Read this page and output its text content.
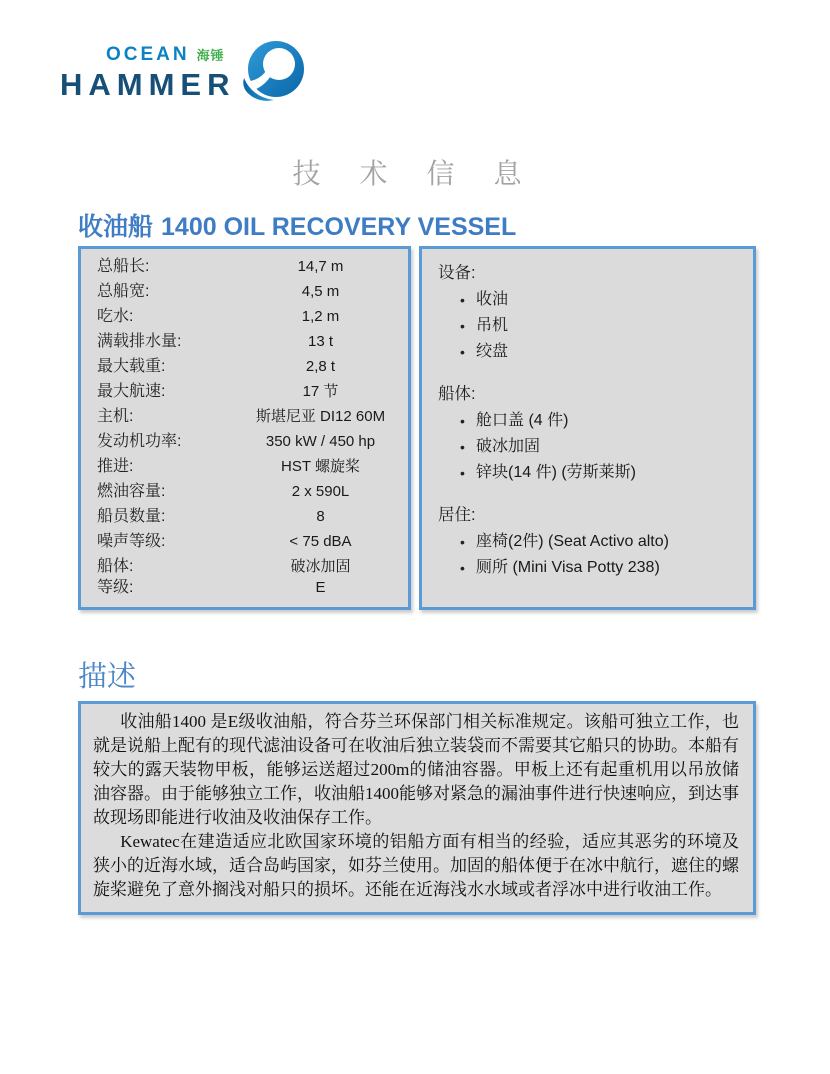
OCEAN 海锤
HAMMER
技 术 信 息
收油船 1400 OIL RECOVERY VESSEL
总船长:	14,7 m
总船宽:	4,5 m
吃水:	1,2 m
满载排水量:	13 t
最大载重:	2,8 t
最大航速:	17 节
主机:	斯堪尼亚 DI12 60M
发动机功率:	350 kW / 450 hp
推进:	HST 螺旋桨
燃油容量:	2 x 590L
船员数量:	8
噪声等级:	< 75 dBA
船体:	破冰加固
等级:	E
设备:
• 收油
• 吊机
• 绞盘
船体:
• 舱口盖 (4 件)
• 破冰加固
• 锌块(14 件) (劳斯莱斯)
居住:
• 座椅(2件) (Seat Activo alto)
• 厕所 (Mini Visa Potty 238)
描述

收油船1400 是E级收油船，符合芬兰环保部门相关标准规定。该船可独立工作，也就是说船上配有的现代滤油设备可在收油后独立装袋而不需要其它船只的协助。本船有较大的露天装物甲板，能够运送超过200m的储油容器。甲板上还有起重机用以吊放储油容器。由于能够独立工作，收油船1400能够对紧急的漏油事件进行快速响应，到达事故现场即能进行收油及收油保存工作。

Kewatec在建造适应北欧国家环境的铝船方面有相当的经验，适应其恶劣的环境及狭小的近海水域，适合岛屿国家，如芬兰使用。加固的船体便于在冰中航行，遮住的螺旋桨避免了意外搁浅对船只的损坏。还能在近海浅水水域或者浮冰中进行收油工作。
